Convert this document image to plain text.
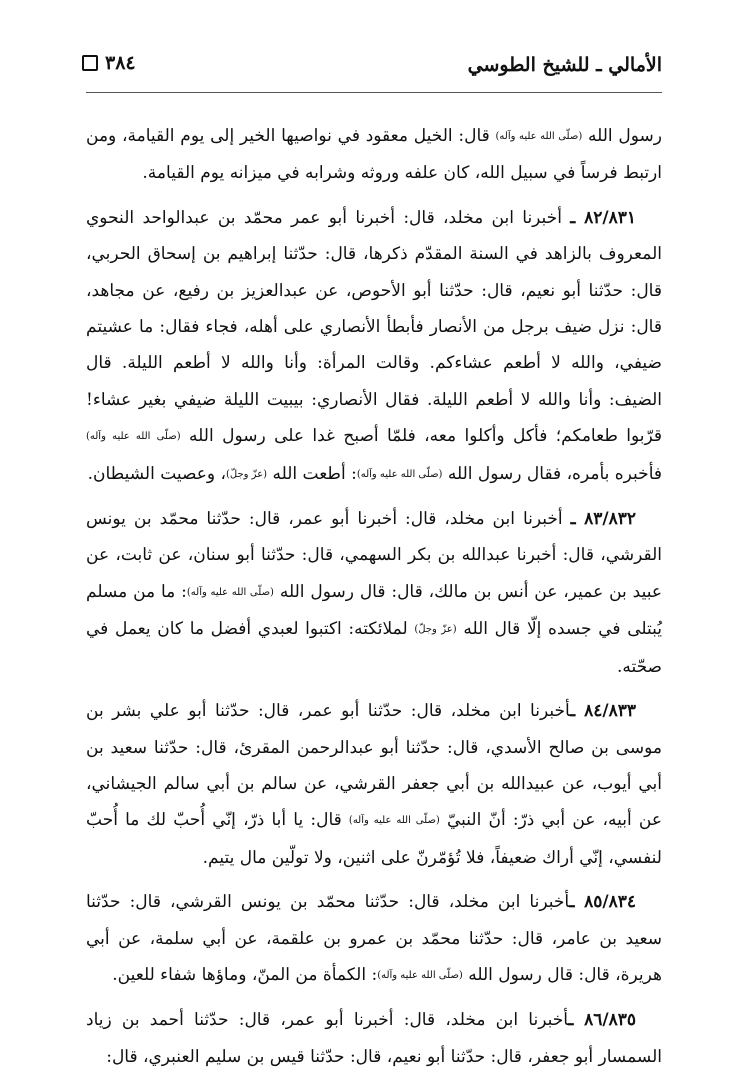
الأمالي ـ للشيخ الطوسي
٣٨٤

رسول الله (صلّى الله عليه وآله) قال: الخيل معقود في نواصيها الخير إلى يوم القيامة، ومن ارتبط فرساً في سبيل الله، كان علفه وروثه وشرابه في ميزانه يوم القيامة.

٨٢/٨٣١ ـ أخبرنا ابن مخلد، قال: أخبرنا أبو عمر محمّد بن عبدالواحد النحوي المعروف بالزاهد في السنة المقدّم ذكرها، قال: حدّثنا إبراهيم بن إسحاق الحربي، قال: حدّثنا أبو نعيم، قال: حدّثنا أبو الأحوص، عن عبدالعزيز بن رفيع، عن مجاهد، قال: نزل ضيف برجل من الأنصار فأبطأ الأنصاري على أهله، فجاء فقال: ما عشيتم ضيفي، والله لا أطعم عشاءكم. وقالت المرأة: وأنا والله لا أطعم الليلة. قال الضيف: وأنا والله لا أطعم الليلة. فقال الأنصاري: بيبيت الليلة ضيفي بغير عشاء! قرّبوا طعامكم؛ فأكل وأكلوا معه، فلمّا أصبح غدا على رسول الله (صلّى الله عليه وآله) فأخبره بأمره، فقال رسول الله (صلّى الله عليه وآله): أطعت الله (عزّ وجلّ)، وعصيت الشيطان.

٨٣/٨٣٢ ـ أخبرنا ابن مخلد، قال: أخبرنا أبو عمر، قال: حدّثنا محمّد بن يونس القرشي، قال: أخبرنا عبدالله بن بكر السهمي، قال: حدّثنا أبو سنان، عن ثابت، عن عبيد بن عمير، عن أنس بن مالك، قال: قال رسول الله (صلّى الله عليه وآله): ما من مسلم يُبتلى في جسده إلّا قال الله (عزّ وجلّ) لملائكته: اكتبوا لعبدي أفضل ما كان يعمل في صحّته.

٨٤/٨٣٣ ـأخبرنا ابن مخلد، قال: حدّثنا أبو عمر، قال: حدّثنا أبو علي بشر بن موسى بن صالح الأسدي، قال: حدّثنا أبو عبدالرحمن المقرئ، قال: حدّثنا سعيد بن أبي أيوب، عن عبيدالله بن أبي جعفر القرشي، عن سالم بن أبي سالم الجيشاني، عن أبيه، عن أبي ذرّ: أنّ النبيّ (صلّى الله عليه وآله) قال: يا أبا ذرّ، إنّي أُحبّ لك ما أُحبّ لنفسي، إنّي أراك ضعيفاً، فلا تُؤمّرنّ على اثنين، ولا تولّين مال يتيم.

٨٥/٨٣٤ ـأخبرنا ابن مخلد، قال: حدّثنا محمّد بن يونس القرشي، قال: حدّثنا سعيد بن عامر، قال: حدّثنا محمّد بن عمرو بن علقمة، عن أبي سلمة، عن أبي هريرة، قال: قال رسول الله (صلّى الله عليه وآله): الكمأة من المنّ، وماؤها شفاء للعين.

٨٦/٨٣٥ ـأخبرنا ابن مخلد، قال: أخبرنا أبو عمر، قال: حدّثنا أحمد بن زياد السمسار أبو جعفر، قال: حدّثنا أبو نعيم، قال: حدّثنا قيس بن سليم العنبري، قال:
